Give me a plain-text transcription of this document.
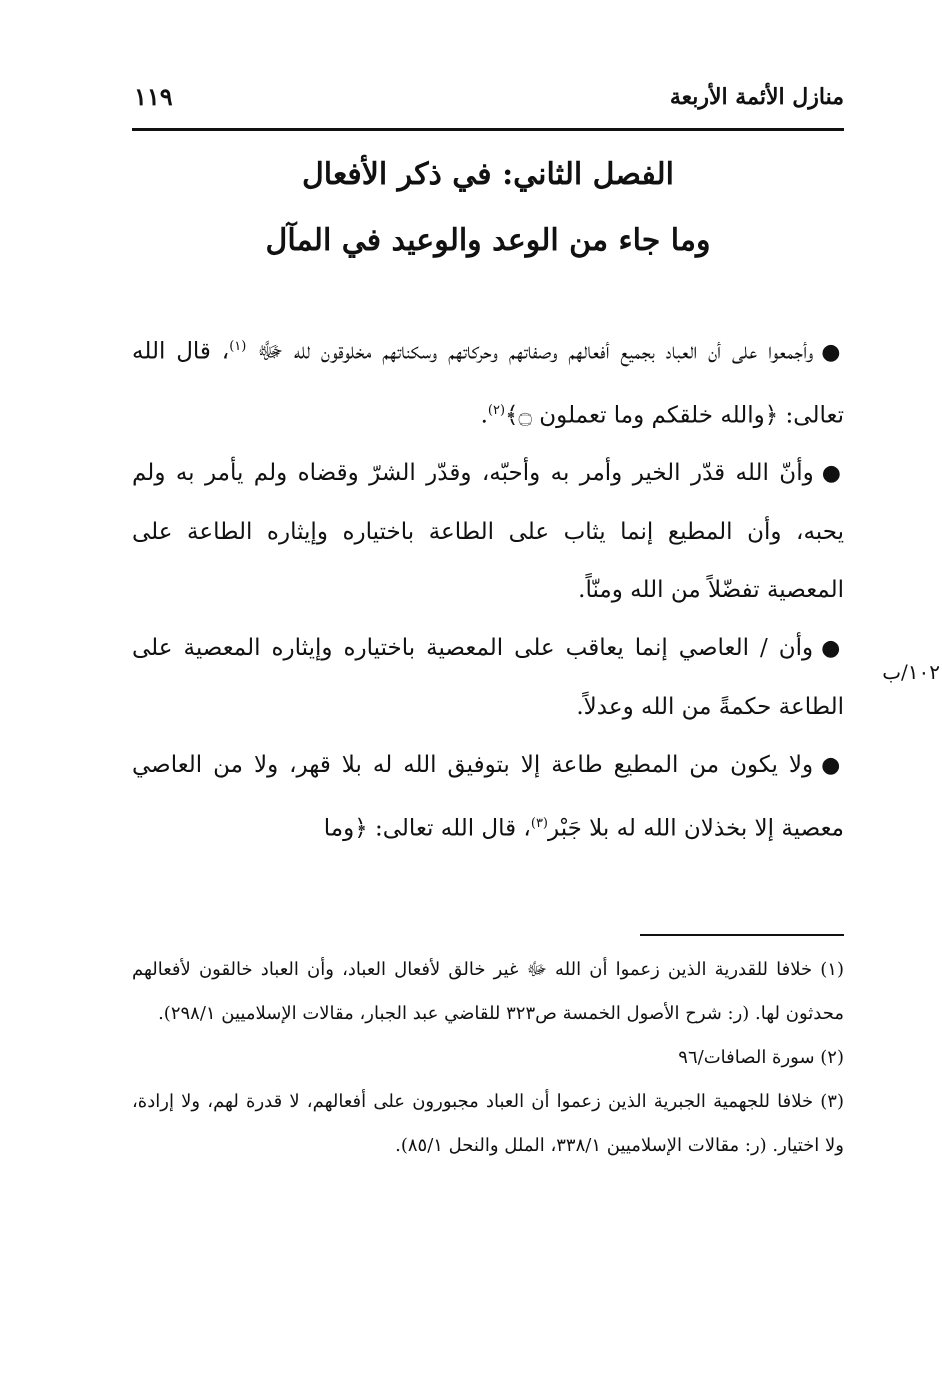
منازل الأئمة الأربعة
١١٩
الفصل الثاني: في ذكر الأفعال
وما جاء من الوعد والوعيد في المآل

●وأجمعوا على أن العباد بجميع أفعالهم وصفاتهم وحركاتهم وسكناتهم مخلوقون لله ﷻ $^{(١)}$، قال الله تعالى: ﴿والله خلقكم وما تعملون ۝﴾$^{(٢)}$.

●وأنّ الله قدّر الخير وأمر به وأحبّه، وقدّر الشرّ وقضاه ولم يأمر به ولم يحبه، وأن المطيع إنما يثاب على الطاعة باختياره وإيثاره الطاعة على المعصية تفضّلاً من الله ومنّاً.

●وأن / العاصي إنما يعاقب على المعصية باختياره وإيثاره المعصية على الطاعة حكمةً من الله وعدلاً.

●ولا يكون من المطيع طاعة إلا بتوفيق الله له بلا قهر، ولا من العاصي معصية إلا بخذلان الله له بلا جَبْر$^{(٣)}$، قال الله تعالى: ﴿وما

١٠٢/ب

(١) خلافا للقدرية الذين زعموا أن الله ﷻ غير خالق لأفعال العباد، وأن العباد خالقون لأفعالهم محدثون لها. (ر: شرح الأصول الخمسة ص٣٢٣ للقاضي عبد الجبار، مقالات الإسلاميين ٢٩٨/١).

(٢) سورة الصافات/٩٦

(٣) خلافا للجهمية الجبرية الذين زعموا أن العباد مجبورون على أفعالهم، لا قدرة لهم، ولا إرادة، ولا اختيار. (ر: مقالات الإسلاميين ٣٣٨/١، الملل والنحل ٨٥/١).
